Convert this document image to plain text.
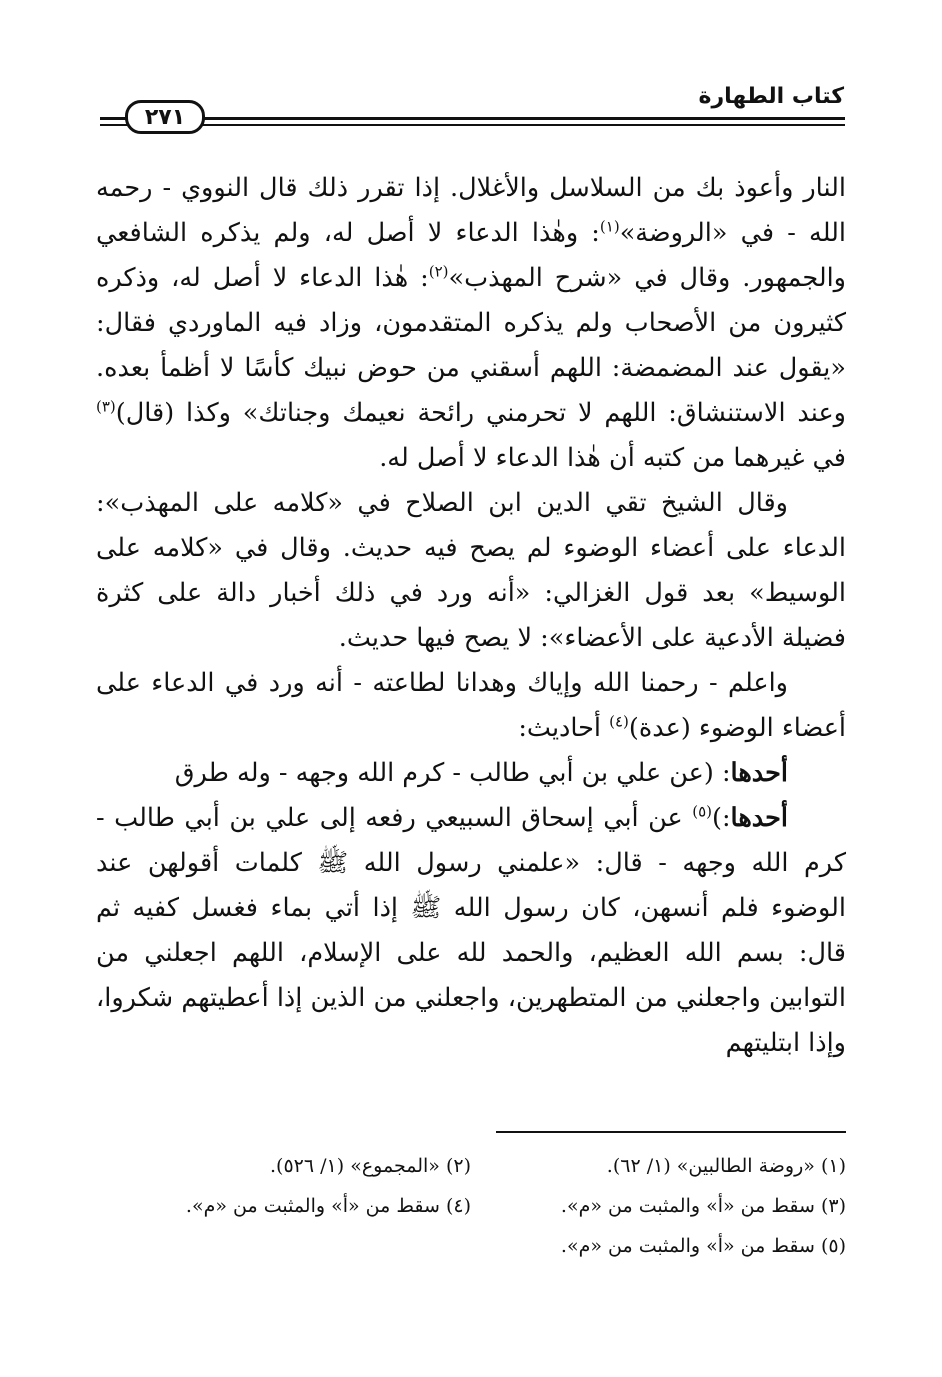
٢٧١
كتاب الطهارة

النار وأعوذ بك من السلاسل والأغلال. إذا تقرر ذلك قال النووي - رحمه الله - في «الروضة»$^{(١)}$: وهٰذا الدعاء لا أصل له، ولم يذكره الشافعي والجمهور. وقال في «شرح المهذب»$^{(٢)}$: هٰذا الدعاء لا أصل له، وذكره كثيرون من الأصحاب ولم يذكره المتقدمون، وزاد فيه الماوردي فقال: «يقول عند المضمضة: اللهم أسقني من حوض نبيك كأسًا لا أظمأ بعده. وعند الاستنشاق: اللهم لا تحرمني رائحة نعيمك وجناتك» وكذا (قال)$^{(٣)}$ في غيرهما من كتبه أن هٰذا الدعاء لا أصل له.

وقال الشيخ تقي الدين ابن الصلاح في «كلامه على المهذب»: الدعاء على أعضاء الوضوء لم يصح فيه حديث. وقال في «كلامه على الوسيط» بعد قول الغزالي: «أنه ورد في ذلك أخبار دالة على كثرة فضيلة الأدعية على الأعضاء»: لا يصح فيها حديث.

واعلم - رحمنا الله وإياك وهدانا لطاعته - أنه ورد في الدعاء على أعضاء الوضوء (عدة)$^{(٤)}$ أحاديث:

أحدها: (عن علي بن أبي طالب - كرم الله وجهه - وله طرق

أحدها:)$^{(٥)}$ عن أبي إسحاق السبيعي رفعه إلى علي بن أبي طالب - كرم الله وجهه - قال: «علمني رسول الله ﷺ كلمات أقولهن عند الوضوء فلم أنسهن، كان رسول الله ﷺ إذا أتي بماء فغسل كفيه ثم قال: بسم الله العظيم، والحمد لله على الإسلام، اللهم اجعلني من التوابين واجعلني من المتطهرين، واجعلني من الذين إذا أعطيتهم شكروا، وإذا ابتليتهم

(١) «روضة الطالبين» (١/ ٦٢).
(٢) «المجموع» (١/ ٥٢٦).
(٣) سقط من «أ» والمثبت من «م».
(٤) سقط من «أ» والمثبت من «م».
(٥) سقط من «أ» والمثبت من «م».
